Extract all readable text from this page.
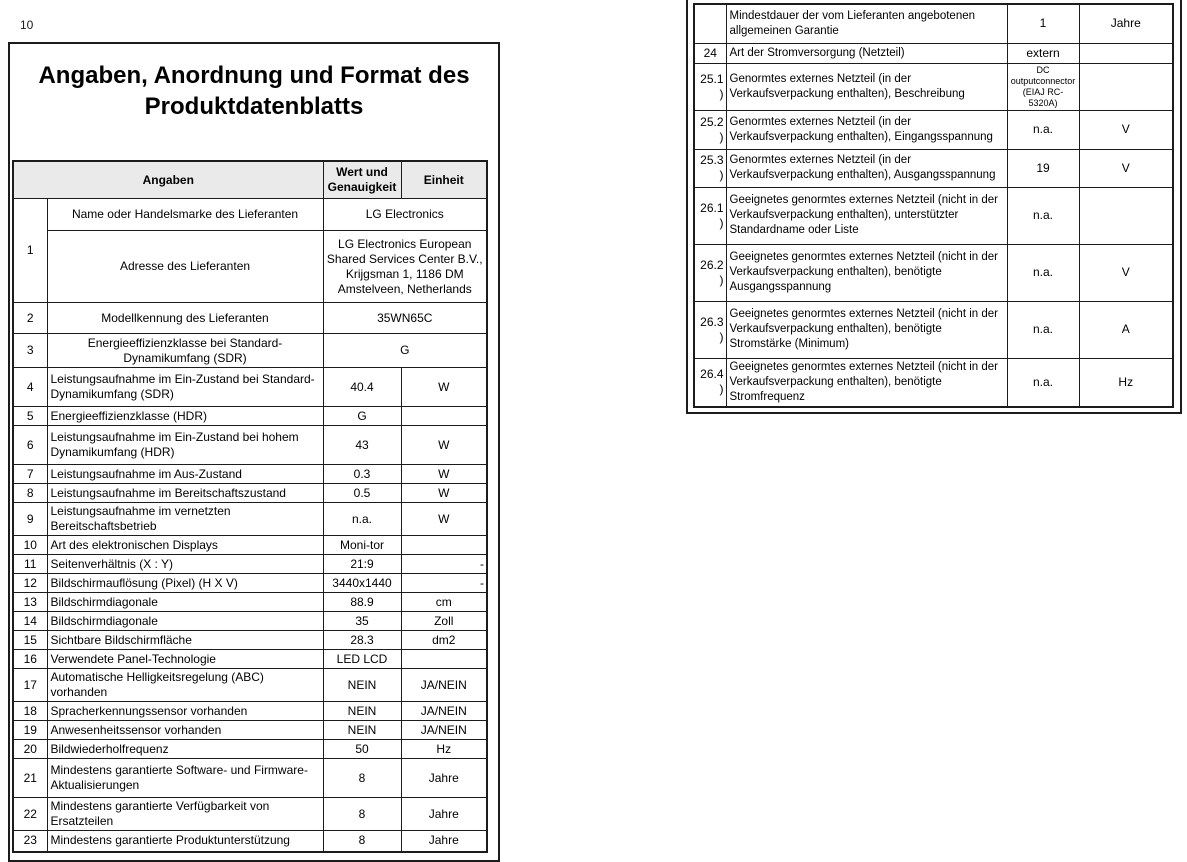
10
Angaben, Anordnung und Format des
Produktdatenblatts
Angaben		Wert und Genauigkeit	Einheit
1	Name oder Handelsmarke des Lieferanten	LG Electronics	
	Adresse des Lieferanten	LG Electronics European Shared Services Center B.V., Krijgsman 1, 1186 DM Amstelveen, Netherlands	
2	Modellkennung des Lieferanten	35WN65C	
3	Energieeffizienzklasse bei Standard-Dynamikumfang (SDR)	G	
4	Leistungsaufnahme im Ein-Zustand bei Standard-Dynamikumfang (SDR)	40.4	W
5	Energieeffizienzklasse (HDR)	G	
6	Leistungsaufnahme im Ein-Zustand bei hohem Dynamikumfang (HDR)	43	W
7	Leistungsaufnahme im Aus-Zustand	0.3	W
8	Leistungsaufnahme im Bereitschaftszustand	0.5	W
9	Leistungsaufnahme im vernetzten Bereitschaftsbetrieb	n.a.	W
10	Art des elektronischen Displays	Moni-tor	
11	Seitenverhältnis (X : Y)	21:9	-
12	Bildschirmauflösung (Pixel) (H X V)	3440x1440	-
13	Bildschirmdiagonale	88.9	cm
14	Bildschirmdiagonale	35	Zoll
15	Sichtbare Bildschirmfläche	28.3	dm2
16	Verwendete Panel-Technologie	LED LCD	
17	Automatische Helligkeitsregelung (ABC) vorhanden	NEIN	JA/NEIN
18	Spracherkennungssensor vorhanden	NEIN	JA/NEIN
19	Anwesenheitssensor vorhanden	NEIN	JA/NEIN
20	Bildwiederholfrequenz	50	Hz
21	Mindestens garantierte Software- und Firmware-Aktualisierungen	8	Jahre
22	Mindestens garantierte Verfügbarkeit von Ersatzteilen	8	Jahre
23	Mindestens garantierte Produktunterstützung	8	Jahre
	Mindestdauer der vom Lieferanten angebotenen allgemeinen Garantie	1	Jahre
24	Art der Stromversorgung (Netzteil)	extern	
25.1)	Genormtes externes Netzteil (in der Verkaufsverpackung enthalten), Beschreibung	DC outputconnector (EIAJ RC-5320A)	
25.2)	Genormtes externes Netzteil (in der Verkaufsverpackung enthalten), Eingangsspannung	n.a.	V
25.3)	Genormtes externes Netzteil (in der Verkaufsverpackung enthalten), Ausgangsspannung	19	V
26.1)	Geeignetes genormtes externes Netzteil (nicht in der Verkaufsverpackung enthalten), unterstützter Standardname oder Liste	n.a.	
26.2)	Geeignetes genormtes externes Netzteil (nicht in der Verkaufsverpackung enthalten), benötigte Ausgangsspannung	n.a.	V
26.3)	Geeignetes genormtes externes Netzteil (nicht in der Verkaufsverpackung enthalten), benötigte Stromstärke (Minimum)	n.a.	A
26.4)	Geeignetes genormtes externes Netzteil (nicht in der Verkaufsverpackung enthalten), benötigte Stromfrequenz	n.a.	Hz
